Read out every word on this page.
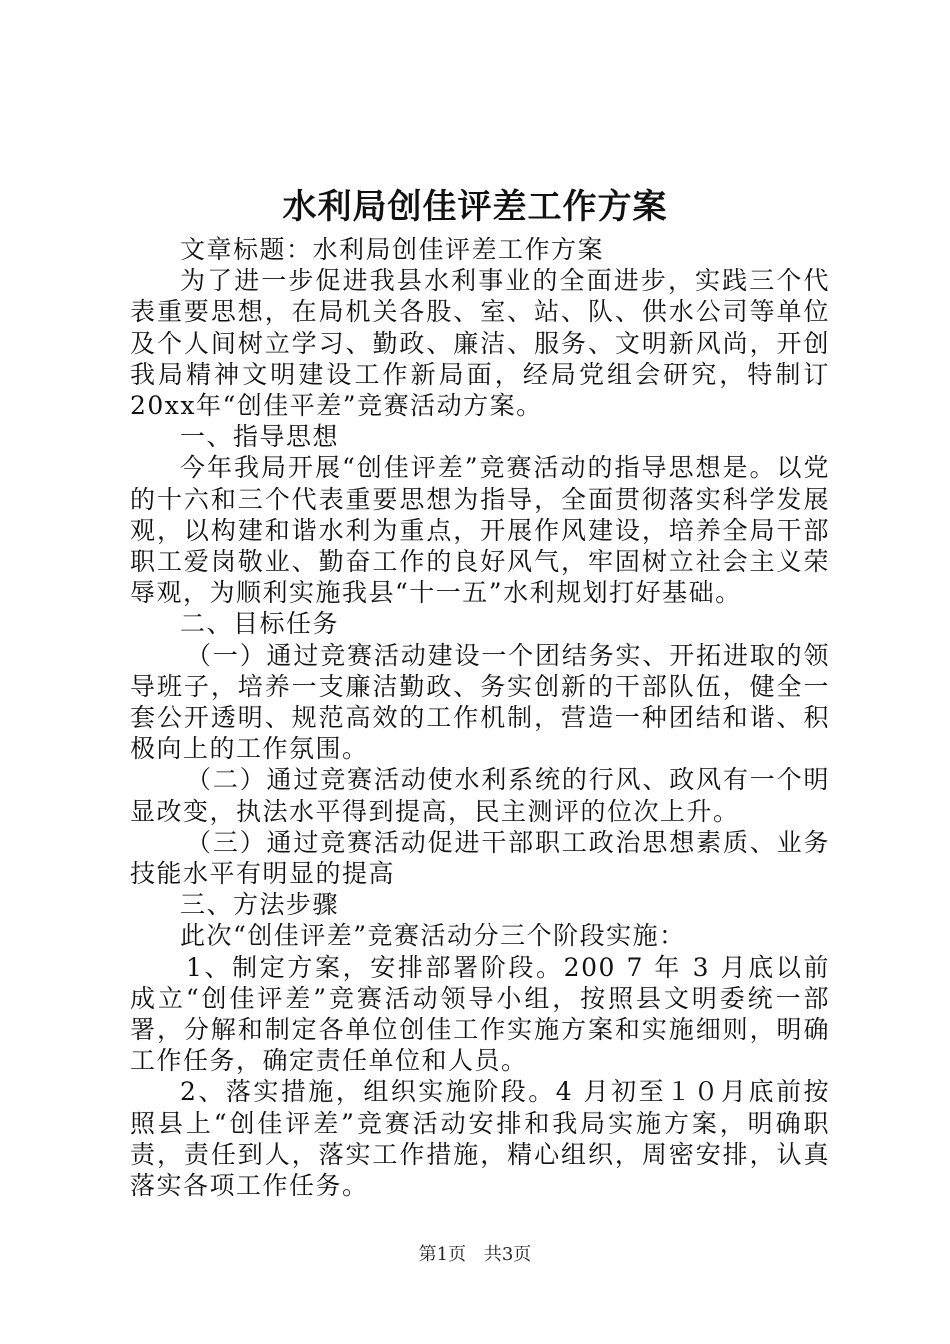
水利局创佳评差工作方案

文章标题：水利局创佳评差工作方案

为了进一步促进我县水利事业的全面进步，实践三个代表重要思想，在局机关各股、室、站、队、供水公司等单位及个人间树立学习、勤政、廉洁、服务、文明新风尚，开创我局精神文明建设工作新局面，经局党组会研究，特制订20xx年“创佳平差”竞赛活动方案。

一、指导思想

今年我局开展“创佳评差”竞赛活动的指导思想是。以党的十六和三个代表重要思想为指导，全面贯彻落实科学发展观，以构建和谐水利为重点，开展作风建设，培养全局干部职工爱岗敬业、勤奋工作的良好风气，牢固树立社会主义荣辱观，为顺利实施我县“十一五”水利规划打好基础。

二、目标任务

（一）通过竞赛活动建设一个团结务实、开拓进取的领导班子，培养一支廉洁勤政、务实创新的干部队伍，健全一套公开透明、规范高效的工作机制，营造一种团结和谐、积极向上的工作氛围。

（二）通过竞赛活动使水利系统的行风、政风有一个明显改变，执法水平得到提高，民主测评的位次上升。

（三）通过竞赛活动促进干部职工政治思想素质、业务技能水平有明显的提高

三、方法步骤

此次“创佳评差”竞赛活动分三个阶段实施：

1、制定方案，安排部署阶段。200 7 年 3 月底以前成立“创佳评差”竞赛活动领导小组，按照县文明委统一部署，分解和制定各单位创佳工作实施方案和实施细则，明确工作任务，确定责任单位和人员。

2、落实措施，组织实施阶段。4 月初至１０月底前按照县上“创佳评差”竞赛活动安排和我局实施方案，明确职责，责任到人，落实工作措施，精心组织，周密安排，认真落实各项工作任务。

第1页 共3页
